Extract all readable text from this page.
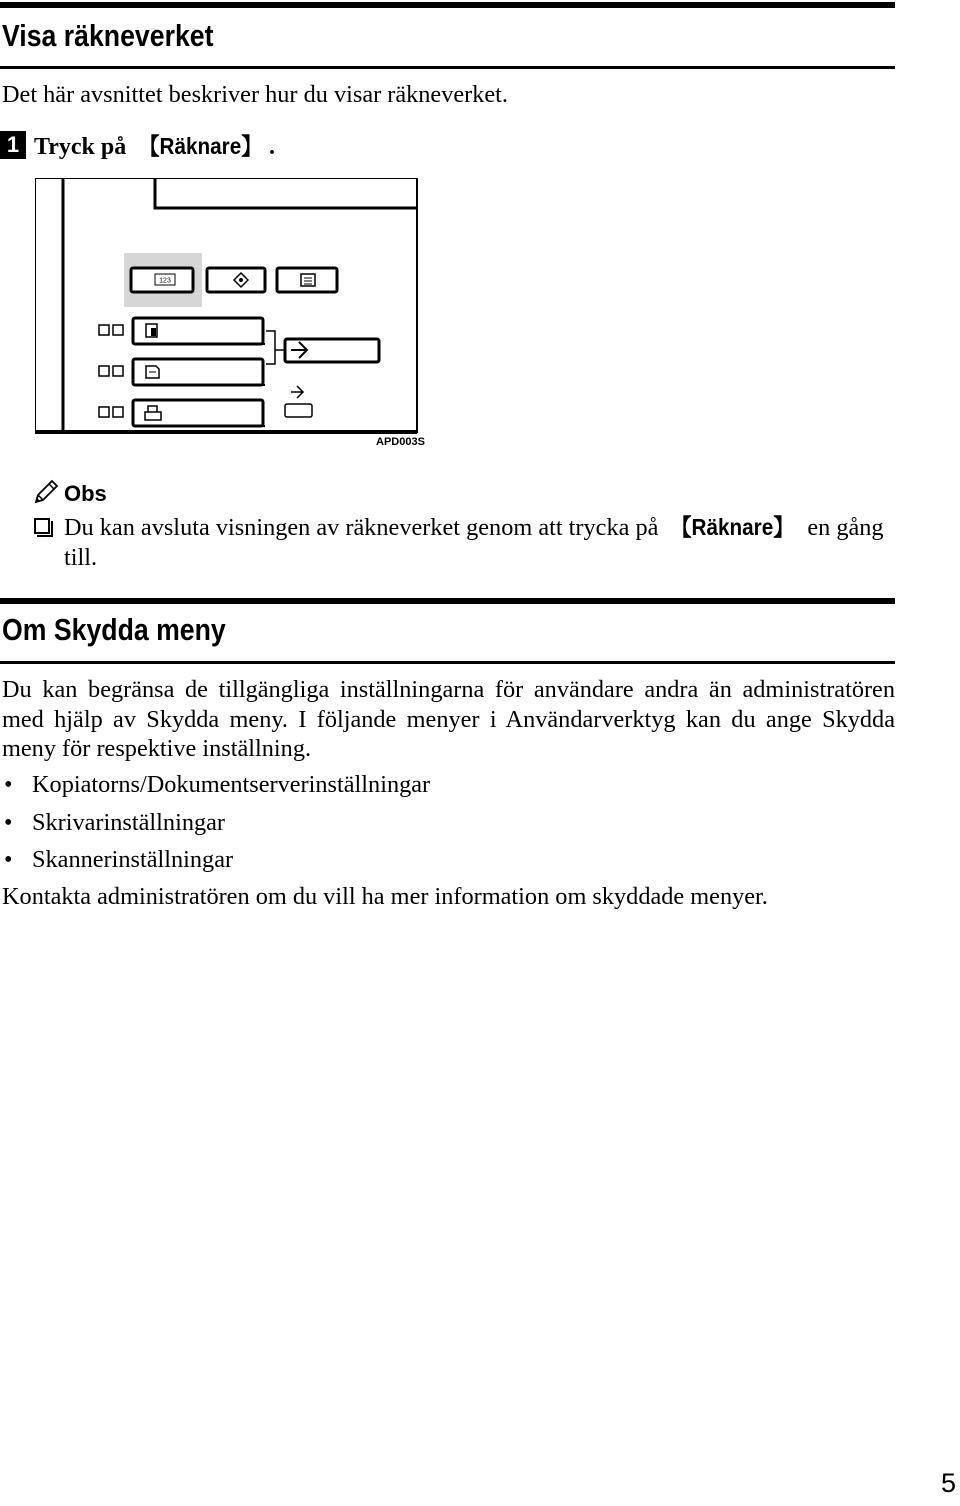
Visa räkneverket
Det här avsnittet beskriver hur du visar räkneverket.
1 Tryck på 【Räknare】 .
123
APD003S
Obs
Du kan avsluta visningen av räkneverket genom att trycka på 【Räknare】 en gång till.
Om Skydda meny
Du kan begränsa de tillgängliga inställningarna för användare andra än administratören med hjälp av Skydda meny. I följande menyer i Användarverktyg kan du ange Skydda meny för respektive inställning.
• Kopiatorns/Dokumentserverinställningar
• Skrivarinställningar
• Skannerinställningar
Kontakta administratören om du vill ha mer information om skyddade menyer.
5
